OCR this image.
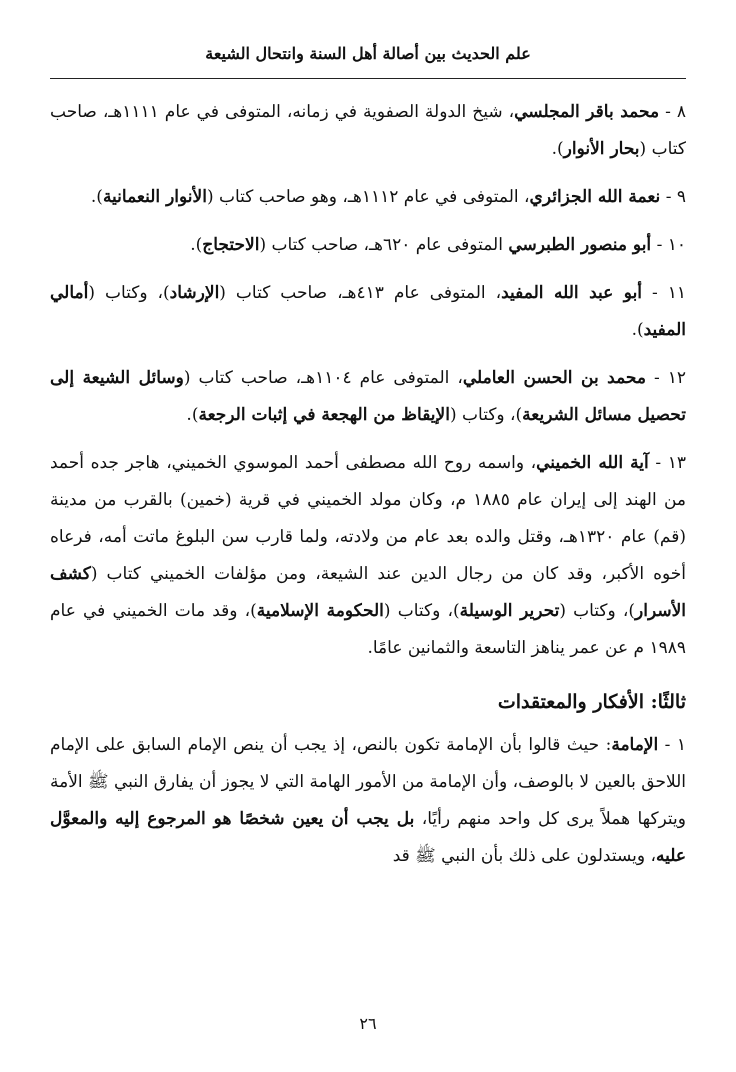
علم الحديث بين أصالة أهل السنة وانتحال الشيعة
٨ - محمد باقر المجلسي، شيخ الدولة الصفوية في زمانه، المتوفى في عام ١١١١هـ، صاحب كتاب (بحار الأنوار).
٩ - نعمة الله الجزائري، المتوفى في عام ١١١٢هـ، وهو صاحب كتاب (الأنوار النعمانية).
١٠ - أبو منصور الطبرسي المتوفى عام ٦٢٠هـ، صاحب كتاب (الاحتجاج).
١١ - أبو عبد الله المفيد، المتوفى عام ٤١٣هـ، صاحب كتاب (الإرشاد)، وكتاب (أمالي المفيد).
١٢ - محمد بن الحسن العاملي، المتوفى عام ١١٠٤هـ، صاحب كتاب (وسائل الشيعة إلى تحصيل مسائل الشريعة)، وكتاب (الإيقاظ من الهجعة في إثبات الرجعة).
١٣ - آية الله الخميني، واسمه روح الله مصطفى أحمد الموسوي الخميني، هاجر جده أحمد من الهند إلى إيران عام ١٨٨٥ م، وكان مولد الخميني في قرية (خمين) بالقرب من مدينة (قم) عام ١٣٢٠هـ، وقتل والده بعد عام من ولادته، ولما قارب سن البلوغ ماتت أمه، فرعاه أخوه الأكبر، وقد كان من رجال الدين عند الشيعة، ومن مؤلفات الخميني كتاب (كشف الأسرار)، وكتاب (تحرير الوسيلة)، وكتاب (الحكومة الإسلامية)، وقد مات الخميني في عام ١٩٨٩ م عن عمر يناهز التاسعة والثمانين عامًا.
ثالثًا: الأفكار والمعتقدات
١ - الإمامة: حيث قالوا بأن الإمامة تكون بالنص، إذ يجب أن ينص الإمام السابق على الإمام اللاحق بالعين لا بالوصف، وأن الإمامة من الأمور الهامة التي لا يجوز أن يفارق النبي ﷺ الأمة ويتركها هملاً يرى كل واحد منهم رأيًا، بل يجب أن يعين شخصًا هو المرجوع إليه والمعوَّل عليه، ويستدلون على ذلك بأن النبي ﷺ قد
٢٦
